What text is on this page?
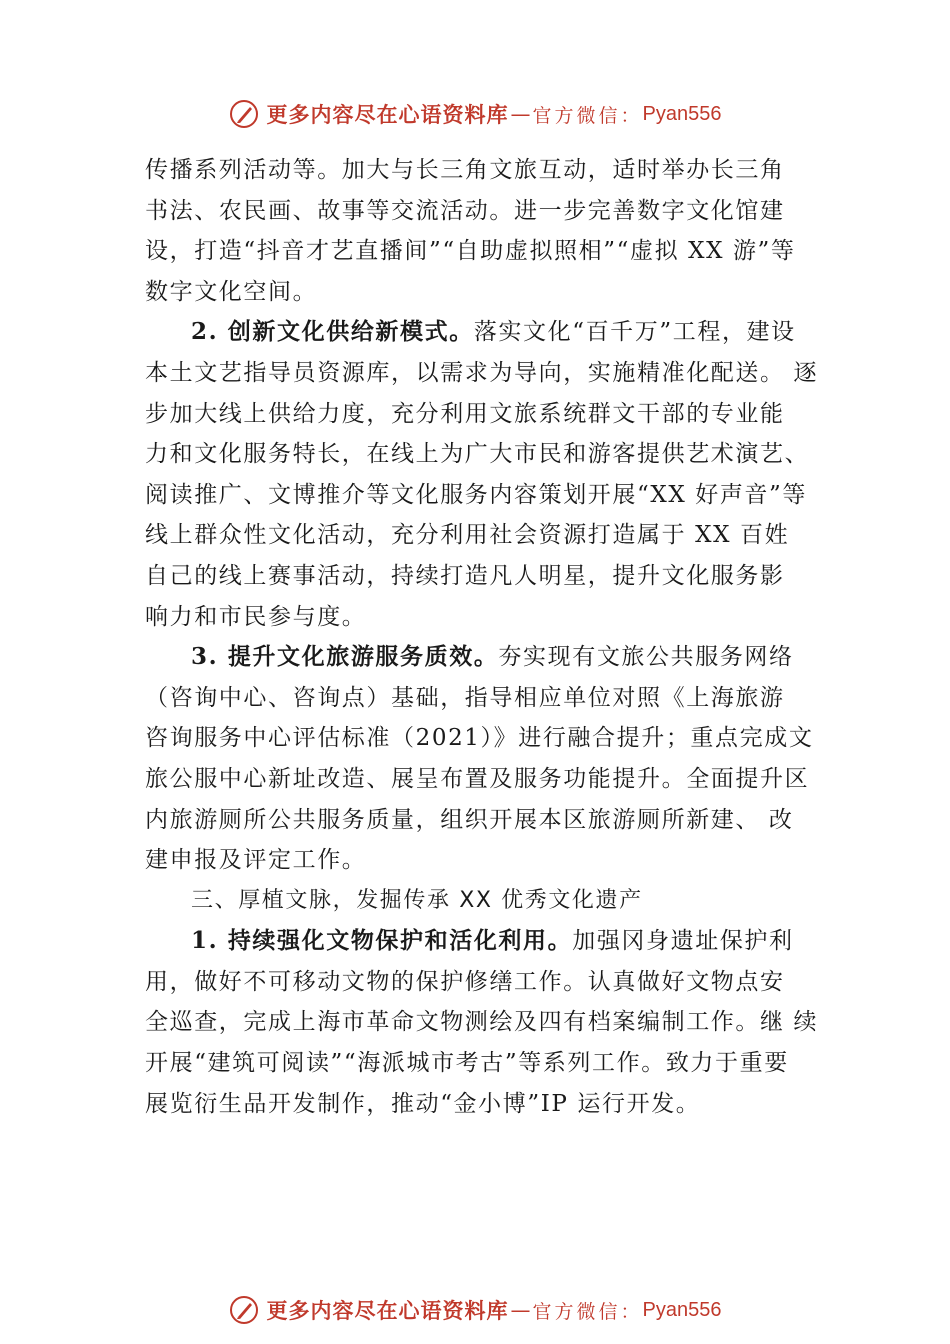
更多内容尽在心语资料库 — 官方微信： Pyan556
传播系列活动等。加大与长三角文旅互动，适时举办长三角
书法、农民画、故事等交流活动。进一步完善数字文化馆建
设，打造“抖音才艺直播间”“自助虚拟照相”“虚拟 XX 游”等
数字文化空间。
2. 创新文化供给新模式。落实文化“百千万”工程，建设
本土文艺指导员资源库，以需求为导向，实施精准化配送。 逐
步加大线上供给力度，充分利用文旅系统群文干部的专业能
力和文化服务特长，在线上为广大市民和游客提供艺术演艺、
阅读推广、文博推介等文化服务内容策划开展“XX 好声音”等
线上群众性文化活动，充分利用社会资源打造属于 XX 百姓
自己的线上赛事活动，持续打造凡人明星，提升文化服务影
响力和市民参与度。
3. 提升文化旅游服务质效。夯实现有文旅公共服务网络
（咨询中心、咨询点）基础，指导相应单位对照《上海旅游
咨询服务中心评估标准（2021）》进行融合提升；重点完成文
旅公服中心新址改造、展呈布置及服务功能提升。全面提升区
内旅游厕所公共服务质量，组织开展本区旅游厕所新建、 改
建申报及评定工作。
三、厚植文脉，发掘传承 XX 优秀文化遗产
1. 持续强化文物保护和活化利用。加强冈身遗址保护利
用，做好不可移动文物的保护修缮工作。认真做好文物点安
全巡查，完成上海市革命文物测绘及四有档案编制工作。继 续
开展“建筑可阅读”“海派城市考古”等系列工作。致力于重要
展览衍生品开发制作，推动“金小博”IP 运行开发。
更多内容尽在心语资料库 — 官方微信： Pyan556
